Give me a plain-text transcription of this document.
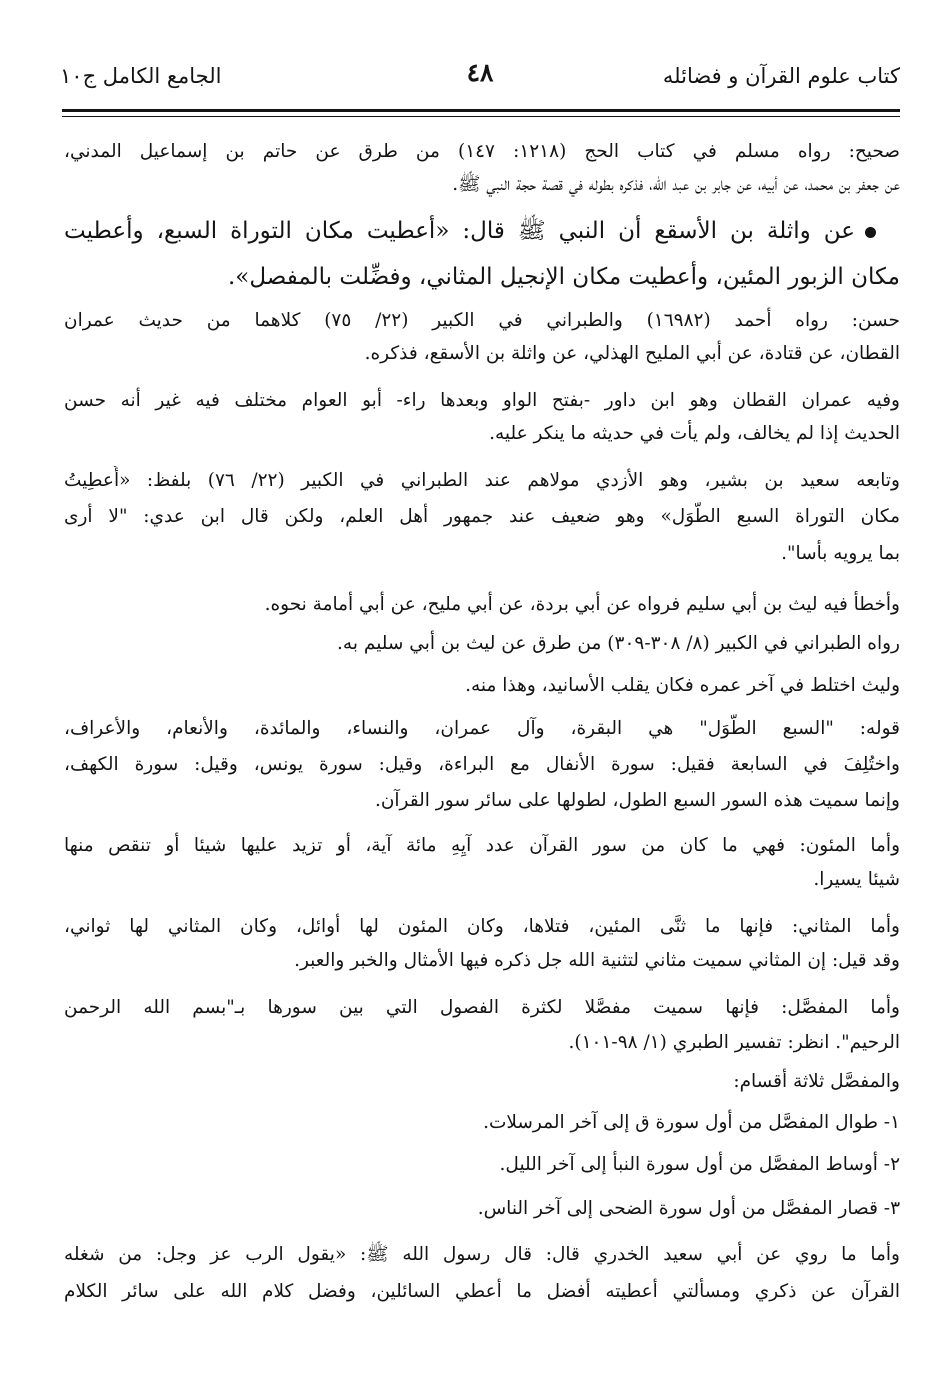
كتاب علوم القرآن و فضائله
٤٨
الجامع الكامل ج١٠
صحيح: رواه مسلم في كتاب الحج (١٢١٨: ١٤٧) من طرق عن حاتم بن إسماعيل المدني،
عن جعفر بن محمد، عن أبيه، عن جابر بن عبد الله، فذكره بطوله في قصة حجة النبي ﷺ.
عن واثلة بن الأسقع أن النبي ﷺ قال: «أعطيت مكان التوراة السبع، وأعطيت
مكان الزبور المئين، وأعطيت مكان الإنجيل المثاني، وفضِّلت بالمفصل».
حسن: رواه أحمد (١٦٩٨٢) والطبراني في الكبير (٢٢/ ٧٥) كلاهما من حديث عمران
القطان، عن قتادة، عن أبي المليح الهذلي، عن واثلة بن الأسقع، فذكره.
وفيه عمران القطان وهو ابن داور -بفتح الواو وبعدها راء- أبو العوام مختلف فيه غير أنه حسن
الحديث إذا لم يخالف، ولم يأت في حديثه ما ينكر عليه.
وتابعه سعيد بن بشير، وهو الأزدي مولاهم عند الطبراني في الكبير (٢٢/ ٧٦) بلفظ: «أُعطِيتُ
مكان التوراة السبع الطُّوَل» وهو ضعيف عند جمهور أهل العلم، ولكن قال ابن عدي: "لا أرى
بما يرويه بأسا".
وأخطأ فيه ليث بن أبي سليم فرواه عن أبي بردة، عن أبي مليح، عن أبي أمامة نحوه.
رواه الطبراني في الكبير (٨/ ٣٠٨-٣٠٩) من طرق عن ليث بن أبي سليم به.
وليث اختلط في آخر عمره فكان يقلب الأسانيد، وهذا منه.
قوله: "السبع الطُّوَل" هي البقرة، وآل عمران، والنساء، والمائدة، والأنعام، والأعراف،
واختُلِفَ في السابعة فقيل: سورة الأنفال مع البراءة، وقيل: سورة يونس، وقيل: سورة الكهف،
وإنما سميت هذه السور السبع الطول، لطولها على سائر سور القرآن.
وأما المئون: فهي ما كان من سور القرآن عدد آيِهِ مائة آية، أو تزيد عليها شيئا أو تنقص منها
شيئا يسيرا.
وأما المثاني: فإنها ما ثنَّى المئين، فتلاها، وكان المئون لها أوائل، وكان المثاني لها ثواني،
وقد قيل: إن المثاني سميت مثاني لتثنية الله جل ذكره فيها الأمثال والخبر والعبر.
وأما المفصَّل: فإنها سميت مفصَّلا لكثرة الفصول التي بين سورها بـ"بسم الله الرحمن
الرحيم". انظر: تفسير الطبري (١/ ٩٨-١٠١).
والمفصَّل ثلاثة أقسام:
١- طوال المفصَّل من أول سورة ق إلى آخر المرسلات.
٢- أوساط المفصَّل من أول سورة النبأ إلى آخر الليل.
٣- قصار المفصَّل من أول سورة الضحى إلى آخر الناس.
وأما ما روي عن أبي سعيد الخدري قال: قال رسول الله ﷺ: «يقول الرب عز وجل: من شغله
القرآن عن ذكري ومسألتي أعطيته أفضل ما أعطي السائلين، وفضل كلام الله على سائر الكلام
